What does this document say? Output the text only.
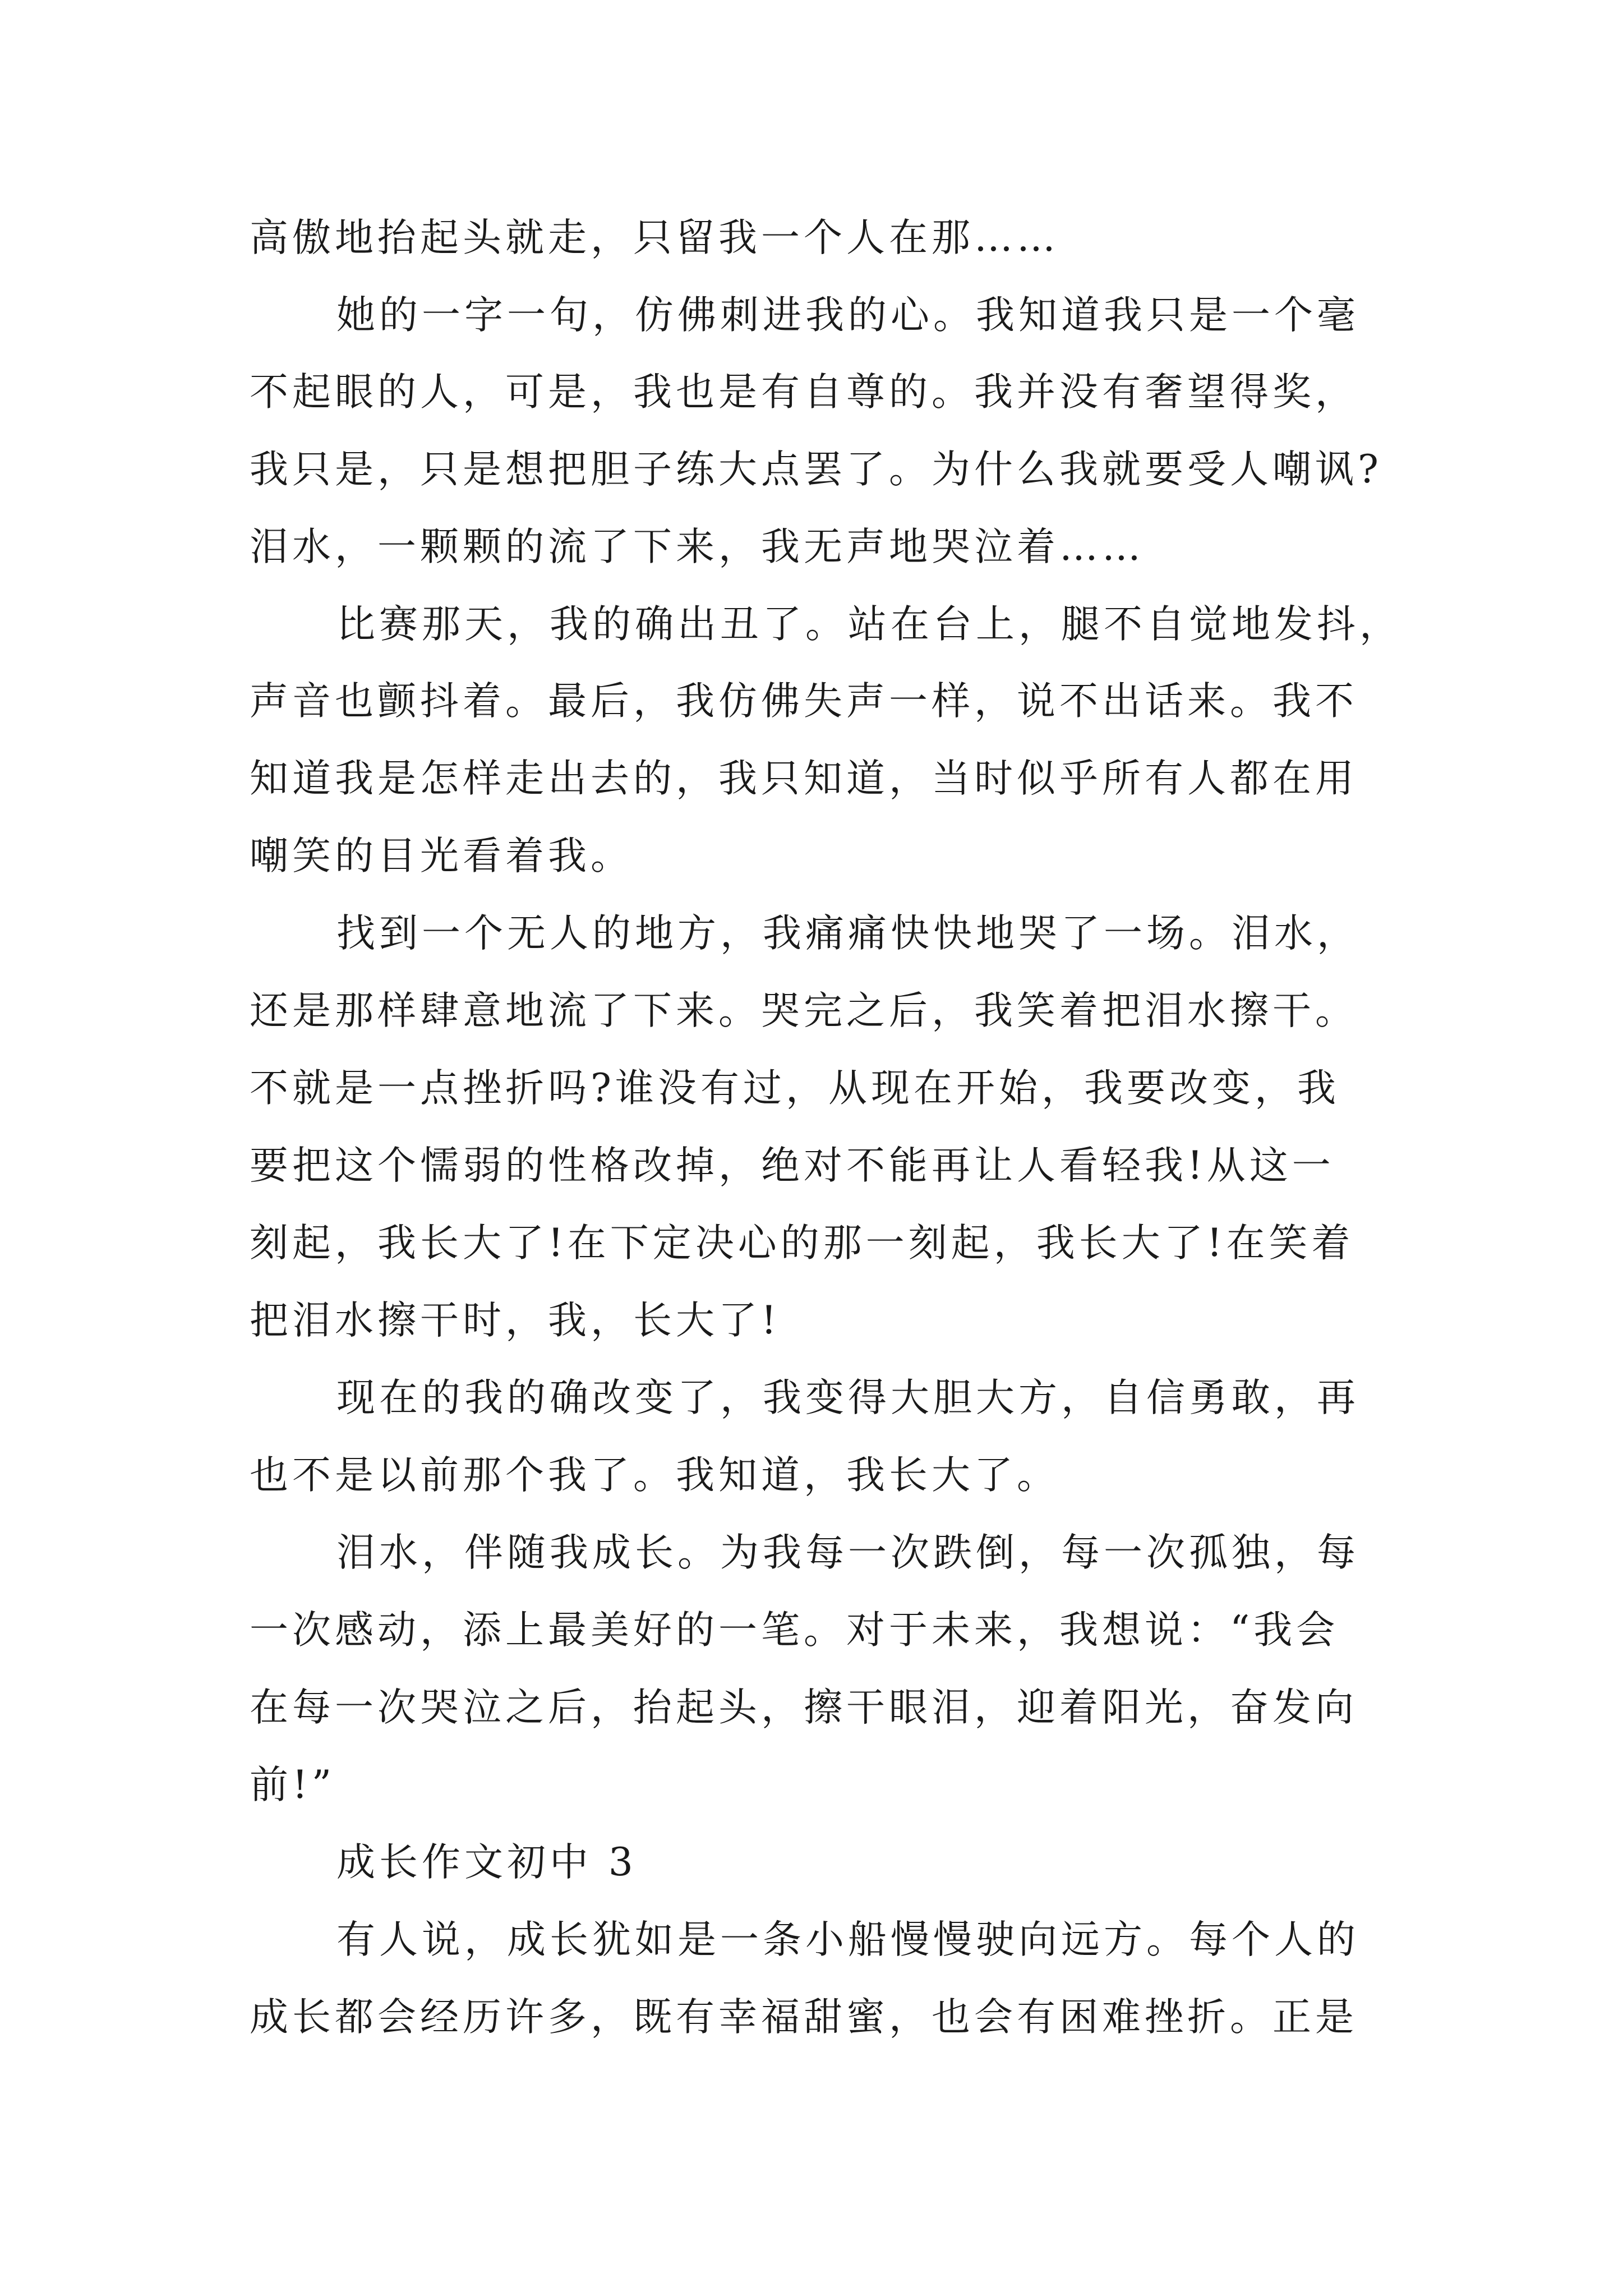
高傲地抬起头就走，只留我一个人在那……
她的一字一句，仿佛刺进我的心。我知道我只是一个毫
不起眼的人，可是，我也是有自尊的。我并没有奢望得奖，
我只是，只是想把胆子练大点罢了。为什么我就要受人嘲讽?
泪水，一颗颗的流了下来，我无声地哭泣着……
比赛那天，我的确出丑了。站在台上，腿不自觉地发抖，
声音也颤抖着。最后，我仿佛失声一样，说不出话来。我不
知道我是怎样走出去的，我只知道，当时似乎所有人都在用
嘲笑的目光看着我。
找到一个无人的地方，我痛痛快快地哭了一场。泪水，
还是那样肆意地流了下来。哭完之后，我笑着把泪水擦干。
不就是一点挫折吗?谁没有过，从现在开始，我要改变，我
要把这个懦弱的性格改掉，绝对不能再让人看轻我!从这一
刻起，我长大了!在下定决心的那一刻起，我长大了!在笑着
把泪水擦干时，我，长大了!
现在的我的确改变了，我变得大胆大方，自信勇敢，再
也不是以前那个我了。我知道，我长大了。
泪水，伴随我成长。为我每一次跌倒，每一次孤独，每
一次感动，添上最美好的一笔。对于未来，我想说：“我会
在每一次哭泣之后，抬起头，擦干眼泪，迎着阳光，奋发向
前!”
成长作文初中 3
有人说，成长犹如是一条小船慢慢驶向远方。每个人的
成长都会经历许多，既有幸福甜蜜，也会有困难挫折。正是
